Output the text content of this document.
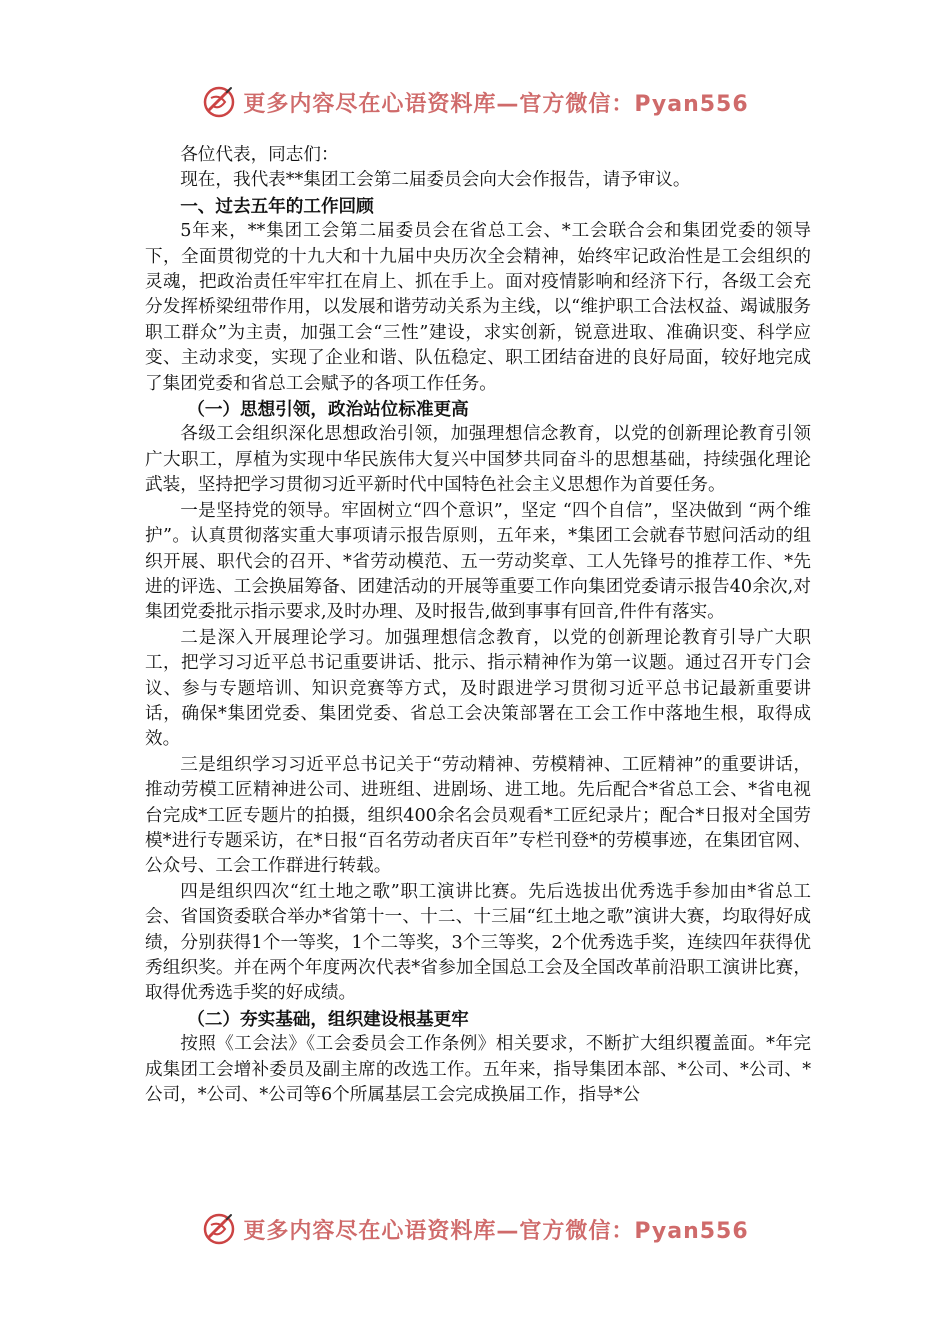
更多内容尽在心语资料库—官方微信：Pyan556

各位代表，同志们：

现在，我代表**集团工会第二届委员会向大会作报告，请予审议。

一、过去五年的工作回顾

5年来，**集团工会第二届委员会在省总工会、*工会联合会和集团党委的领导下，全面贯彻党的十九大和十九届中央历次全会精神，始终牢记政治性是工会组织的灵魂，把政治责任牢牢扛在肩上、抓在手上。面对疫情影响和经济下行，各级工会充分发挥桥梁纽带作用，以发展和谐劳动关系为主线，以“维护职工合法权益、竭诚服务职工群众”为主责，加强工会“三性”建设，求实创新，锐意进取、准确识变、科学应变、主动求变，实现了企业和谐、队伍稳定、职工团结奋进的良好局面，较好地完成了集团党委和省总工会赋予的各项工作任务。

（一）思想引领，政治站位标准更高

各级工会组织深化思想政治引领，加强理想信念教育，以党的创新理论教育引领广大职工，厚植为实现中华民族伟大复兴中国梦共同奋斗的思想基础，持续强化理论武装，坚持把学习贯彻习近平新时代中国特色社会主义思想作为首要任务。

一是坚持党的领导。牢固树立“四个意识”，坚定 “四个自信”，坚决做到 “两个维护”。认真贯彻落实重大事项请示报告原则，五年来，*集团工会就春节慰问活动的组织开展、职代会的召开、*省劳动模范、五一劳动奖章、工人先锋号的推荐工作、*先进的评选、工会换届筹备、团建活动的开展等重要工作向集团党委请示报告40余次,对集团党委批示指示要求,及时办理、及时报告,做到事事有回音,件件有落实。

二是深入开展理论学习。加强理想信念教育，以党的创新理论教育引导广大职工，把学习习近平总书记重要讲话、批示、指示精神作为第一议题。通过召开专门会议、参与专题培训、知识竞赛等方式，及时跟进学习贯彻习近平总书记最新重要讲话，确保*集团党委、集团党委、省总工会决策部署在工会工作中落地生根，取得成效。

三是组织学习习近平总书记关于“劳动精神、劳模精神、工匠精神”的重要讲话，推动劳模工匠精神进公司、进班组、进剧场、进工地。先后配合*省总工会、*省电视台完成*工匠专题片的拍摄，组织400余名会员观看*工匠纪录片；配合*日报对全国劳模*进行专题采访，在*日报“百名劳动者庆百年”专栏刊登*的劳模事迹，在集团官网、公众号、工会工作群进行转载。

四是组织四次“红土地之歌”职工演讲比赛。先后选拔出优秀选手参加由*省总工会、省国资委联合举办*省第十一、十二、十三届“红土地之歌”演讲大赛，均取得好成绩，分别获得1个一等奖，1个二等奖，3个三等奖，2个优秀选手奖，连续四年获得优秀组织奖。并在两个年度两次代表*省参加全国总工会及全国改革前沿职工演讲比赛，取得优秀选手奖的好成绩。

（二）夯实基础，组织建设根基更牢

按照《工会法》《工会委员会工作条例》相关要求，不断扩大组织覆盖面。*年完成集团工会增补委员及副主席的改选工作。五年来，指导集团本部、*公司、*公司、*公司，*公司、*公司等6个所属基层工会完成换届工作，指导*公

更多内容尽在心语资料库—官方微信：Pyan556
